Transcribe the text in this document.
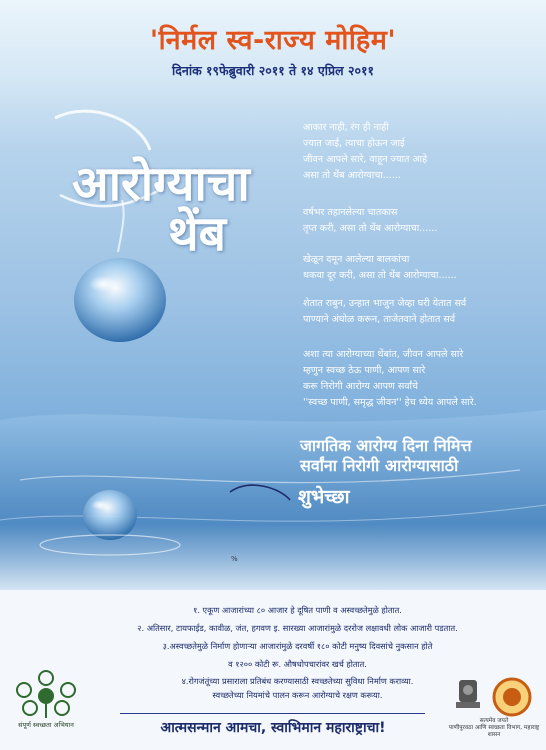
'निर्मल स्व-राज्य मोहिम'
दिनांक १९फेब्रुवारी २०११ ते १४ एप्रिल २०११
आरोग्याचा
थेंब
आकार नाही, रंग ही नाही
ज्यात जाई, त्याचा होऊन जाई
जीवन आपले सारे, वाहून ज्यात आहे
असा तो थेंब आरोग्याचा......
वर्षभर तहानलेल्या चातकास
तृप्त करी, असा तो थेंब आरोग्याचा......
खेळून दमून आलेल्या बालकांचा
थकवा दूर करी, असा तो थेंब आरोग्याचा......
शेतात राबुन, उन्हात भाजुन जेव्हा घरी येतात सर्व
पाण्याने अंघोळ करून, ताजेतवाने होतात सर्व
अशा त्या आरोग्याच्या थेंबांत, जीवन आपले सारे
म्हणुन स्वच्छ ठेऊ पाणी, आपण सारे
करू निरोगी आरोग्य आपण सर्वांचे
''स्वच्छ पाणी, समृद्ध जीवन'' हेच ध्येय आपले सारे.
जागतिक आरोग्य दिना निमित्त
सर्वांना निरोगी आरोग्यासाठी
शुभेच्छा
%
१. एकूण आजारांच्या ८० आजार हे दूषित पाणी व अस्वच्छतेमुळे होतात.
२. अतिसार, टायफाईड, कावीळ, जंत, हगवण इ. सारख्या आजारांमुळे दररोज लक्षावधी लोक आजारी पडतात.
३.अस्वच्छतेमुळे निर्माण होणाऱ्या आजारांमुळे दरवर्षी १८० कोटी मनुष्य दिवसांचे नुकसान होते
व १२०० कोटी रू. औषधोपचारांवर खर्च होतात.
४.रोगजंतूंच्या प्रसाराला प्रतिबंध करण्यासाठी स्वच्छतेच्या सुविधा निर्माण कराव्या.
स्वच्छतेच्या नियमांचे पालन करून आरोग्याचे रक्षण करूया.
आत्मसन्मान आमचा, स्वाभिमान महाराष्ट्राचा!
संपूर्ण स्वच्छता अभियान	सत्यमेव जयते
पाणीपुरवठा आणि स्वच्छता विभाग, महाराष्ट्र शासन
